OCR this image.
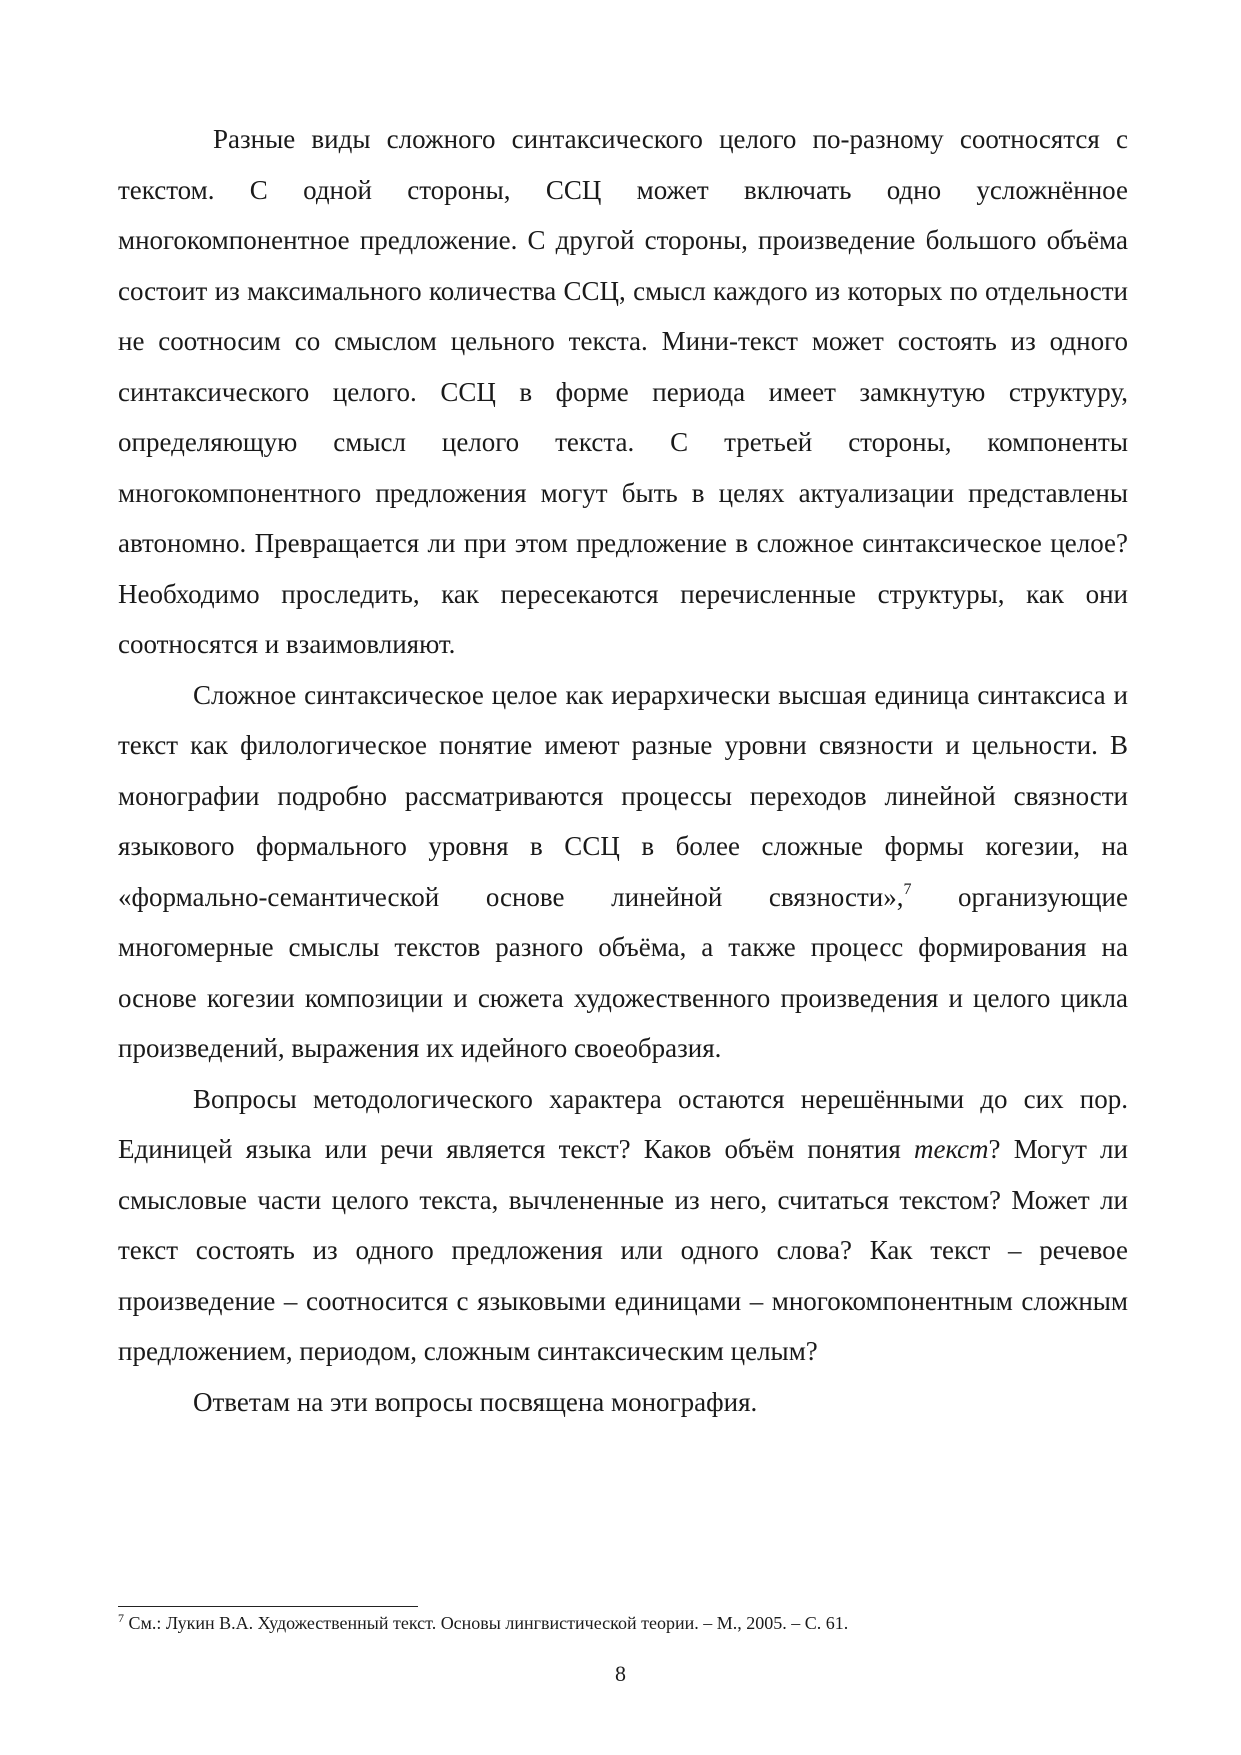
Разные виды сложного синтаксического целого по-разному соотносятся с текстом. С одной стороны, ССЦ может включать одно усложнённое многокомпонентное предложение. С другой стороны, произведение большого объёма состоит из максимального количества ССЦ, смысл каждого из которых по отдельности не соотносим со смыслом цельного текста. Мини-текст может состоять из одного синтаксического целого. ССЦ в форме периода имеет замкнутую структуру, определяющую смысл целого текста. С третьей стороны, компоненты многокомпонентного предложения могут быть в целях актуализации представлены автономно. Превращается ли при этом предложение в сложное синтаксическое целое? Необходимо проследить, как пересекаются перечисленные структуры, как они соотносятся и взаимовлияют.

Сложное синтаксическое целое как иерархически высшая единица синтаксиса и текст как филологическое понятие имеют разные уровни связности и цельности. В монографии подробно рассматриваются процессы переходов линейной связности языкового формального уровня в ССЦ в более сложные формы когезии, на «формально-семантической основе линейной связности»,$^7$ организующие многомерные смыслы текстов разного объёма, а также процесс формирования на основе когезии композиции и сюжета художественного произведения и целого цикла произведений, выражения их идейного своеобразия.

Вопросы методологического характера остаются нерешёнными до сих пор. Единицей языка или речи является текст? Каков объём понятия текст? Могут ли смысловые части целого текста, вычлененные из него, считаться текстом? Может ли текст состоять из одного предложения или одного слова? Как текст – речевое произведение – соотносится с языковыми единицами – многокомпонентным сложным предложением, периодом, сложным синтаксическим целым?

Ответам на эти вопросы посвящена монография.

$^7$ См.: Лукин В.А. Художественный текст. Основы лингвистической теории. – М., 2005. – С. 61.
8
